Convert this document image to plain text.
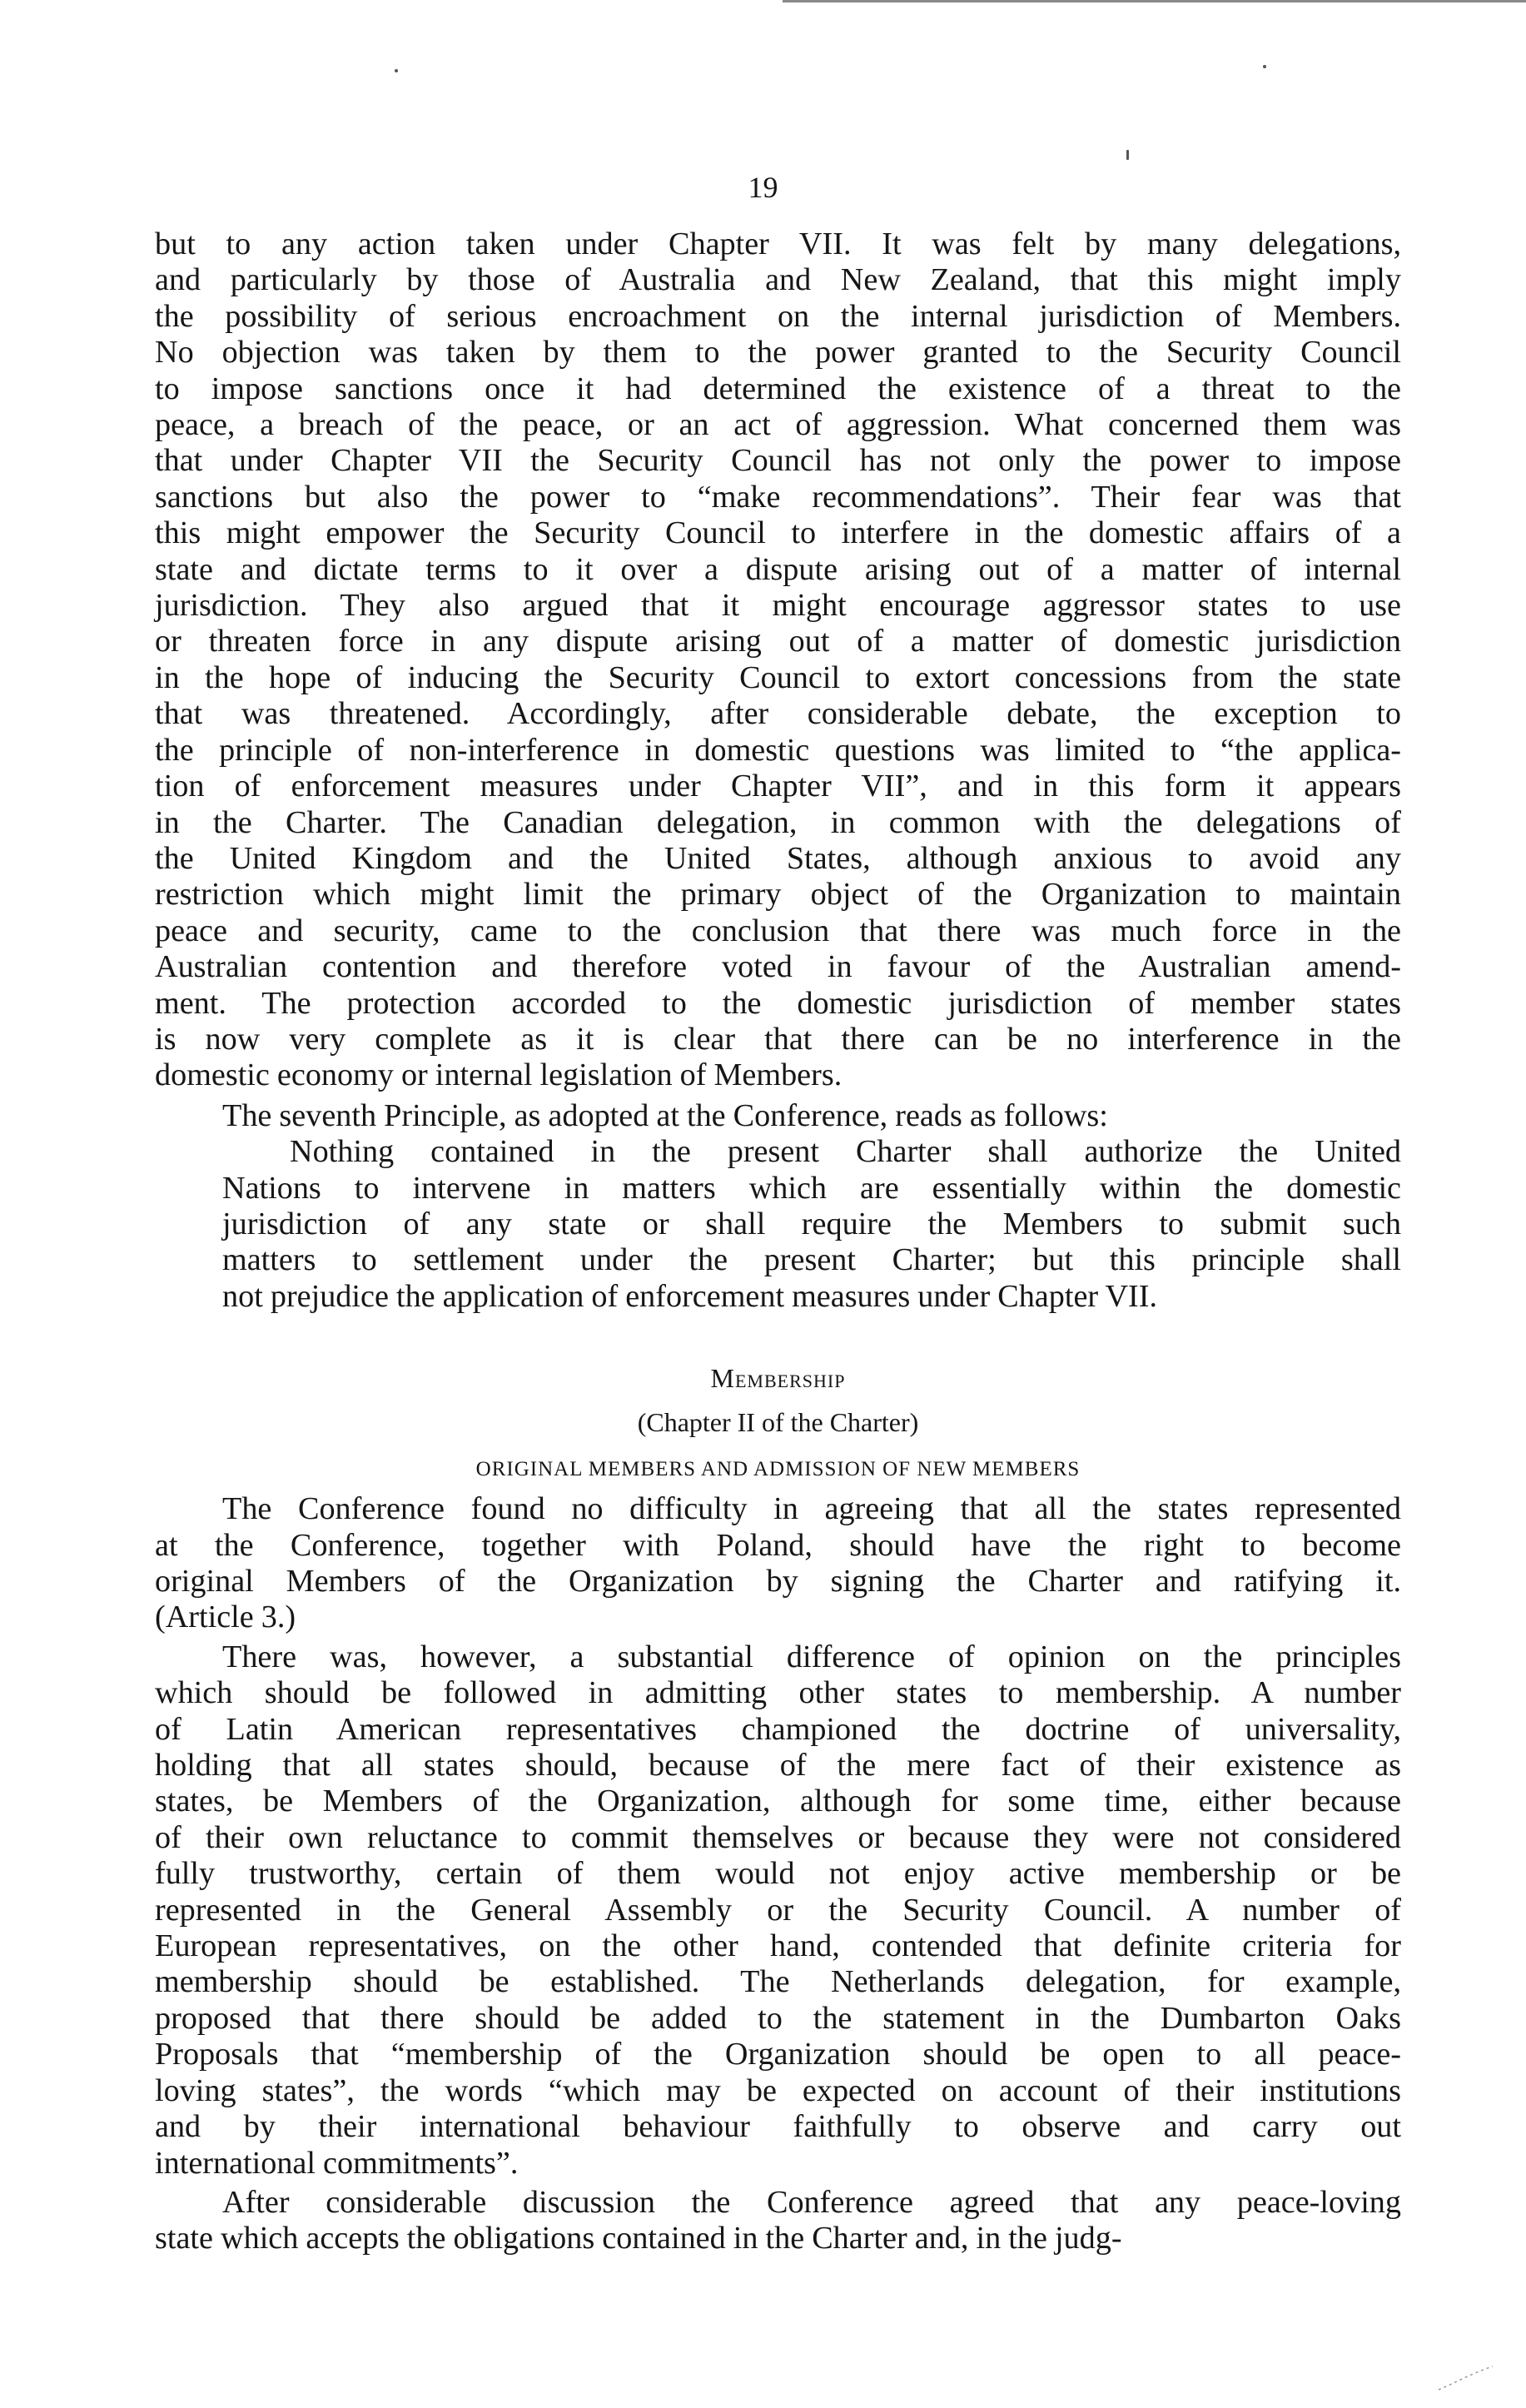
19

but to any action taken under Chapter VII. It was felt by many delegations,

and particularly by those of Australia and New Zealand, that this might imply

the possibility of serious encroachment on the internal jurisdiction of Members.

No objection was taken by them to the power granted to the Security Council

to impose sanctions once it had determined the existence of a threat to the

peace, a breach of the peace, or an act of aggression. What concerned them was

that under Chapter VII the Security Council has not only the power to impose

sanctions but also the power to “make recommendations”. Their fear was that

this might empower the Security Council to interfere in the domestic affairs of a

state and dictate terms to it over a dispute arising out of a matter of internal

jurisdiction. They also argued that it might encourage aggressor states to use

or threaten force in any dispute arising out of a matter of domestic jurisdiction

in the hope of inducing the Security Council to extort concessions from the state

that was threatened. Accordingly, after considerable debate, the exception to

the principle of non-interference in domestic questions was limited to “the applica-

tion of enforcement measures under Chapter VII”, and in this form it appears

in the Charter. The Canadian delegation, in common with the delegations of

the United Kingdom and the United States, although anxious to avoid any

restriction which might limit the primary object of the Organization to maintain

peace and security, came to the conclusion that there was much force in the

Australian contention and therefore voted in favour of the Australian amend-

ment. The protection accorded to the domestic jurisdiction of member states

is now very complete as it is clear that there can be no interference in the

domestic economy or internal legislation of Members.

The seventh Principle, as adopted at the Conference, reads as follows:

Nothing contained in the present Charter shall authorize the United

Nations to intervene in matters which are essentially within the domestic

jurisdiction of any state or shall require the Members to submit such

matters to settlement under the present Charter; but this principle shall

not prejudice the application of enforcement measures under Chapter VII.

Membership

(Chapter II of the Charter)

ORIGINAL MEMBERS AND ADMISSION OF NEW MEMBERS

The Conference found no difficulty in agreeing that all the states represented

at the Conference, together with Poland, should have the right to become

original Members of the Organization by signing the Charter and ratifying it.

(Article 3.)

There was, however, a substantial difference of opinion on the principles

which should be followed in admitting other states to membership. A number

of Latin American representatives championed the doctrine of universality,

holding that all states should, because of the mere fact of their existence as

states, be Members of the Organization, although for some time, either because

of their own reluctance to commit themselves or because they were not considered

fully trustworthy, certain of them would not enjoy active membership or be

represented in the General Assembly or the Security Council. A number of

European representatives, on the other hand, contended that definite criteria for

membership should be established. The Netherlands delegation, for example,

proposed that there should be added to the statement in the Dumbarton Oaks

Proposals that “membership of the Organization should be open to all peace-

loving states”, the words “which may be expected on account of their institutions

and by their international behaviour faithfully to observe and carry out

international commitments”.

After considerable discussion the Conference agreed that any peace-loving

state which accepts the obligations contained in the Charter and, in the judg-
